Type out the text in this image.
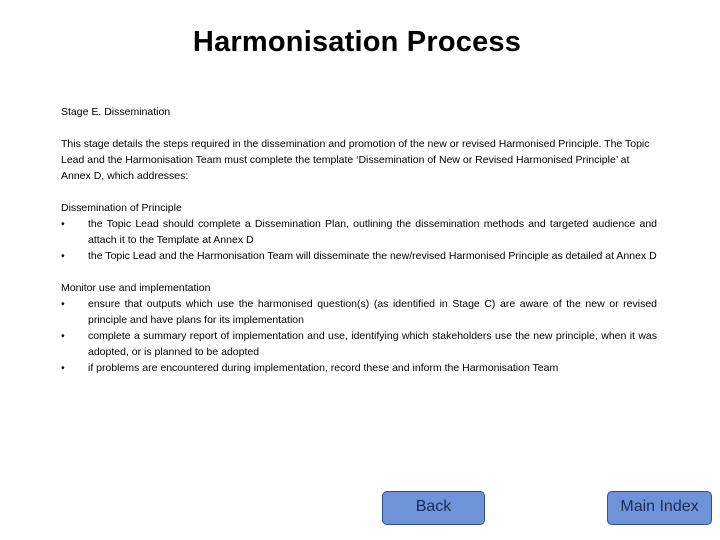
Harmonisation Process

Stage E. Dissemination

This stage details the steps required in the dissemination and promotion of the new or revised Harmonised Principle. The Topic Lead and the Harmonisation Team must complete the template ‘Dissemination of New or Revised Harmonised Principle’ at Annex D, which addresses:

Dissemination of Principle

•	the Topic Lead should complete a Dissemination Plan, outlining the dissemination methods and targeted audience and attach it to the Template at Annex D
•	the Topic Lead and the Harmonisation Team will disseminate the new/revised Harmonised Principle as detailed at Annex D

Monitor use and implementation

•	ensure that outputs which use the harmonised question(s) (as identified in Stage C) are aware of the new or revised principle and have plans for its implementation
•	complete a summary report of implementation and use, identifying which stakeholders use the new principle, when it was adopted, or is planned to be adopted
•	if problems are encountered during implementation, record these and inform the Harmonisation Team
Back	Main Index
